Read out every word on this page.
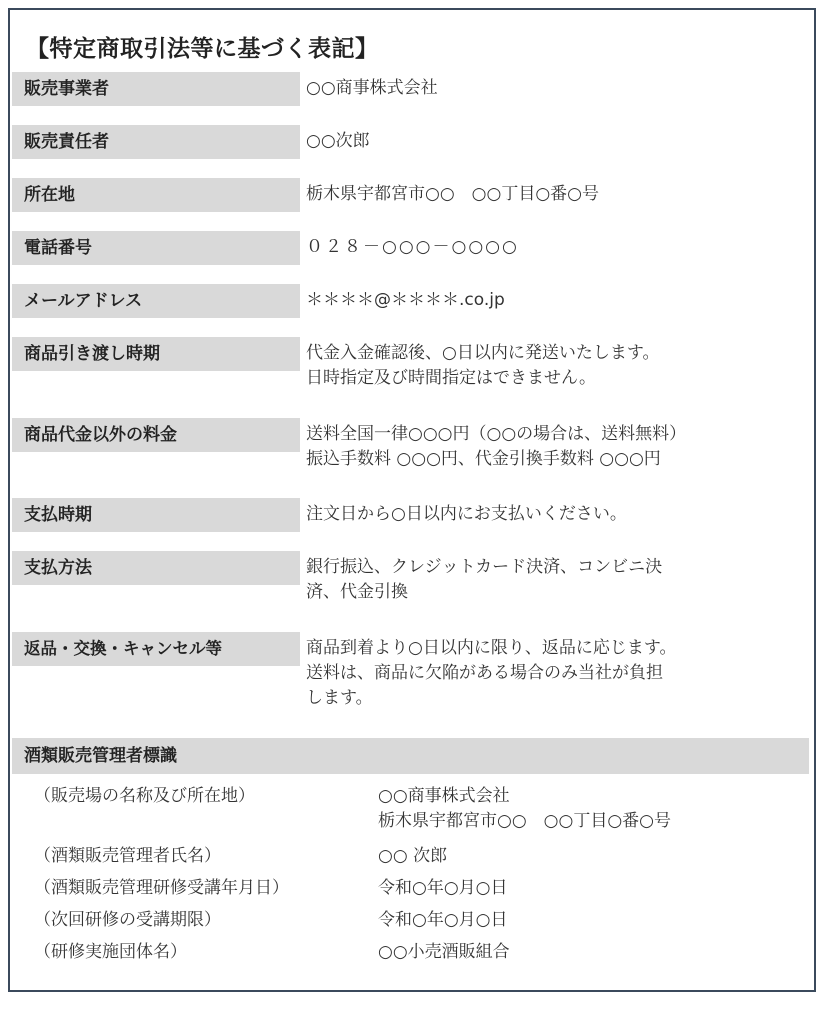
【特定商取引法等に基づく表記】
販売事業者	○○商事株式会社
販売責任者	○○次郎
所在地	栃木県宇都宮市○○　○○丁目○番○号
電話番号	０２８－○○○－○○○○
メールアドレス	＊＊＊＊@＊＊＊＊.co.jp
商品引き渡し時期	代金入金確認後、○日以内に発送いたします。
日時指定及び時間指定はできません。
商品代金以外の料金	送料全国一律○○○円（○○の場合は、送料無料）
振込手数料 ○○○円、代金引換手数料 ○○○円
支払時期	注文日から○日以内にお支払いください。
支払方法	銀行振込、クレジットカード決済、コンビニ決
済、代金引換
返品・交換・キャンセル等	商品到着より○日以内に限り、返品に応じます。
送料は、商品に欠陥がある場合のみ当社が負担
します。
酒類販売管理者標識
（販売場の名称及び所在地）	○○商事株式会社
栃木県宇都宮市○○　○○丁目○番○号
（酒類販売管理者氏名）	○○ 次郎
（酒類販売管理研修受講年月日）	令和○年○月○日
（次回研修の受講期限）	令和○年○月○日
（研修実施団体名）	○○小売酒販組合
